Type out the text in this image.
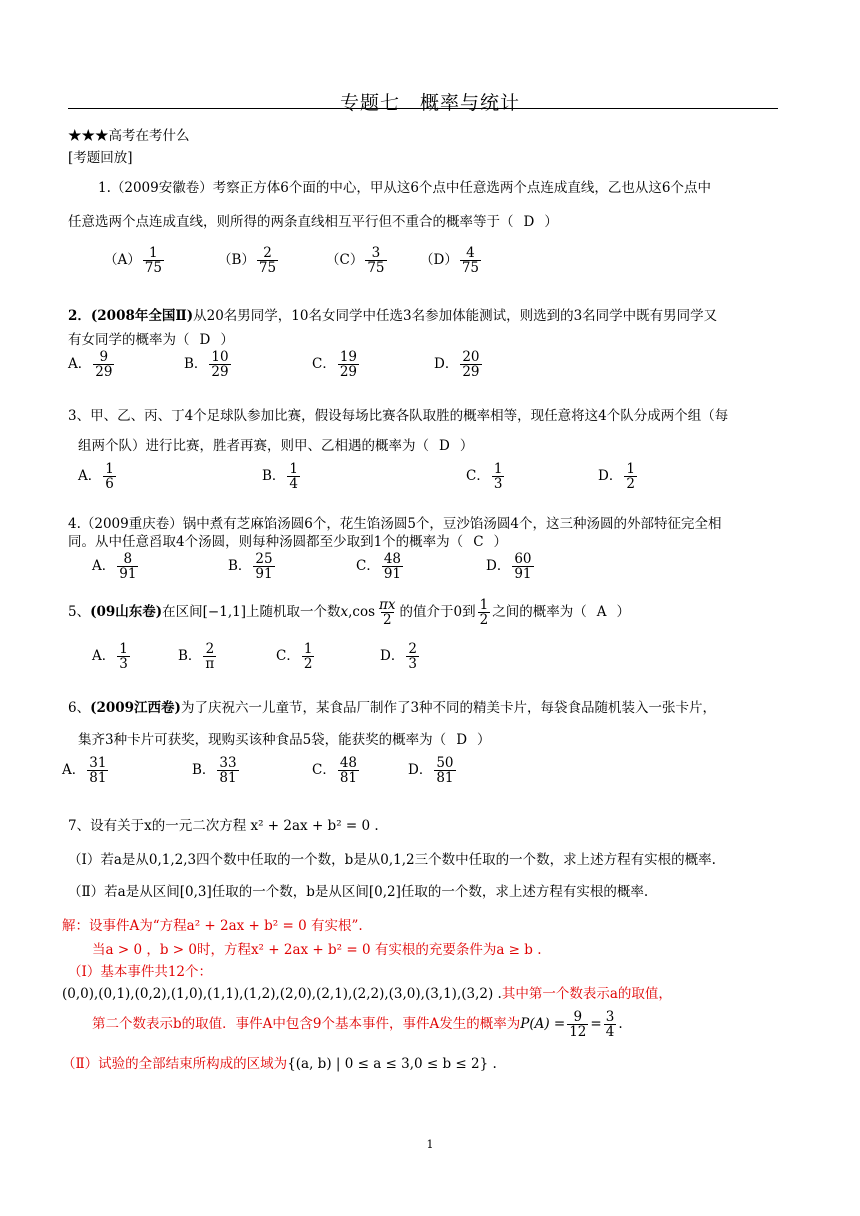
专题七　概率与统计
★★★高考在考什么
[考题回放]
1.（2009安徽卷）考察正方体6个面的中心，甲从这6个点中任意选两个点连成直线，乙也从这6个点中
任意选两个点连成直线，则所得的两条直线相互平行但不重合的概率等于（ D ）
$(A) \frac{1}{75}$	$(B) \frac{2}{75}$	$(C) \frac{3}{75} (D) \frac{4}{75}$
2．(2008年全国Ⅱ)从20名男同学，10名女同学中任选3名参加体能测试，则选到的3名同学中既有男同学又
有女同学的概率为（ D ）
A． $\frac{9}{29}$	B． $\frac{10}{29}$	C． $\frac{19}{29}$	D． $\frac{20}{29}$
3、甲、乙、丙、丁4个足球队参加比赛，假设每场比赛各队取胜的概率相等，现任意将这4个队分成两个组（每
组两个队）进行比赛，胜者再赛，则甲、乙相遇的概率为（ D ）
A． $\frac{1}{6}$	B． $\frac{1}{4}$	C． $\frac{1}{3}$	D． $\frac{1}{2}$
4.（2009重庆卷）锅中煮有芝麻馅汤圆6个，花生馅汤圆5个，豆沙馅汤圆4个，这三种汤圆的外部特征完全相
同。从中任意舀取4个汤圆，则每种汤圆都至少取到1个的概率为（ C ）
A． $\frac{8}{91}$	B． $\frac{25}{91}$	C． $\frac{48}{91}$	D． $\frac{60}{91}$
5、(09山东卷)在区间[−1,1]上随机取一个数$x,\cos \frac{\pi x}{2}$ 的值介于0到 $\frac{1}{2}$ 之间的概率为（ A ）
A． $\frac{1}{3}$	B． $\frac{2}{\pi}$	C． $\frac{1}{2}$	D． $\frac{2}{3}$
6、(2009江西卷)为了庆祝六一儿童节，某食品厂制作了3种不同的精美卡片，每袋食品随机装入一张卡片，
集齐3种卡片可获奖，现购买该种食品5袋，能获奖的概率为（ D ）
A． $\frac{31}{81}$	B． $\frac{33}{81}$	C． $\frac{48}{81}$	D． $\frac{50}{81}$
7、设有关于x的一元二次方程 x² + 2ax + b² = 0 .
（Ⅰ）若a是从0,1,2,3四个数中任取的一个数，b是从0,1,2三个数中任取的一个数，求上述方程有实根的概率.
（Ⅱ）若a是从区间[0,3]任取的一个数，b是从区间[0,2]任取的一个数，求上述方程有实根的概率.
解：设事件A为“方程a² + 2ax + b² = 0 有实根”.
当a > 0 ，b > 0时，方程x² + 2ax + b² = 0 有实根的充要条件为a ≥ b .
（Ⅰ）基本事件共12个：
(0,0),(0,1),(0,2),(1,0),(1,1),(1,2),(2,0),(2,1),(2,2),(3,0),(3,1),(3,2) .其中第一个数表示a的取值，
第二个数表示b的取值．事件A中包含9个基本事件，事件A发生的概率为$P(A) = \frac{9}{12} = \frac{3}{4}$ .
（Ⅱ）试验的全部结束所构成的区域为{(a, b) | 0 ≤ a ≤ 3,0 ≤ b ≤ 2} .
1
